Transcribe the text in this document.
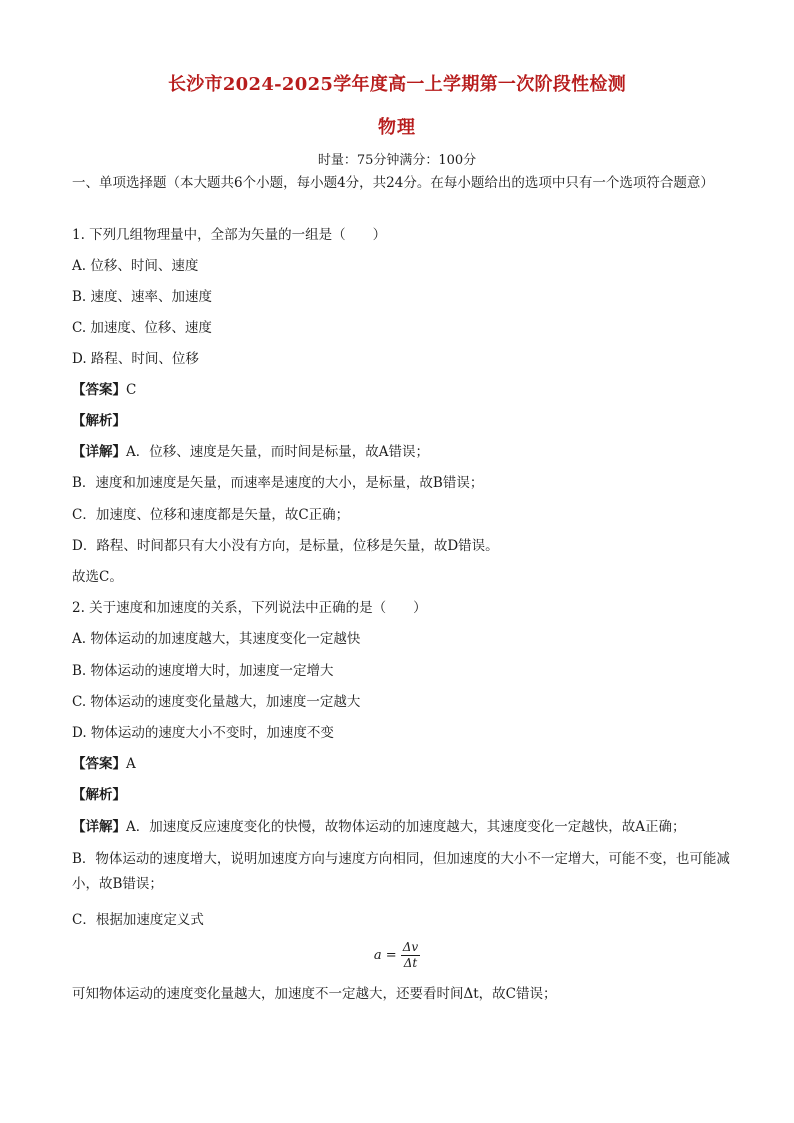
长沙市2024-2025学年度高一上学期第一次阶段性检测
物理

时量：75分钟满分：100分

一、单项选择题（本大题共6个小题，每小题4分，共24分。在每小题给出的选项中只有一个选项符合题意）

1. 下列几组物理量中，全部为矢量的一组是（　　）

A. 位移、时间、速度

B. 速度、速率、加速度

C. 加速度、位移、速度

D. 路程、时间、位移

【答案】C

【解析】

【详解】A．位移、速度是矢量，而时间是标量，故A错误；

B．速度和加速度是矢量，而速率是速度的大小，是标量，故B错误；

C．加速度、位移和速度都是矢量，故C正确；

D．路程、时间都只有大小没有方向，是标量，位移是矢量，故D错误。

故选C。

2. 关于速度和加速度的关系，下列说法中正确的是（　　）

A. 物体运动的加速度越大，其速度变化一定越快

B. 物体运动的速度增大时，加速度一定增大

C. 物体运动的速度变化量越大，加速度一定越大

D. 物体运动的速度大小不变时，加速度不变

【答案】A

【解析】

【详解】A．加速度反应速度变化的快慢，故物体运动的加速度越大，其速度变化一定越快，故A正确；

B．物体运动的速度增大，说明加速度方向与速度方向相同，但加速度的大小不一定增大，可能不变，也可能减小，故B错误；

C．根据加速度定义式

$a = \frac{\Delta v}{\Delta t}$

可知物体运动的速度变化量越大，加速度不一定越大，还要看时间Δt，故C错误；
